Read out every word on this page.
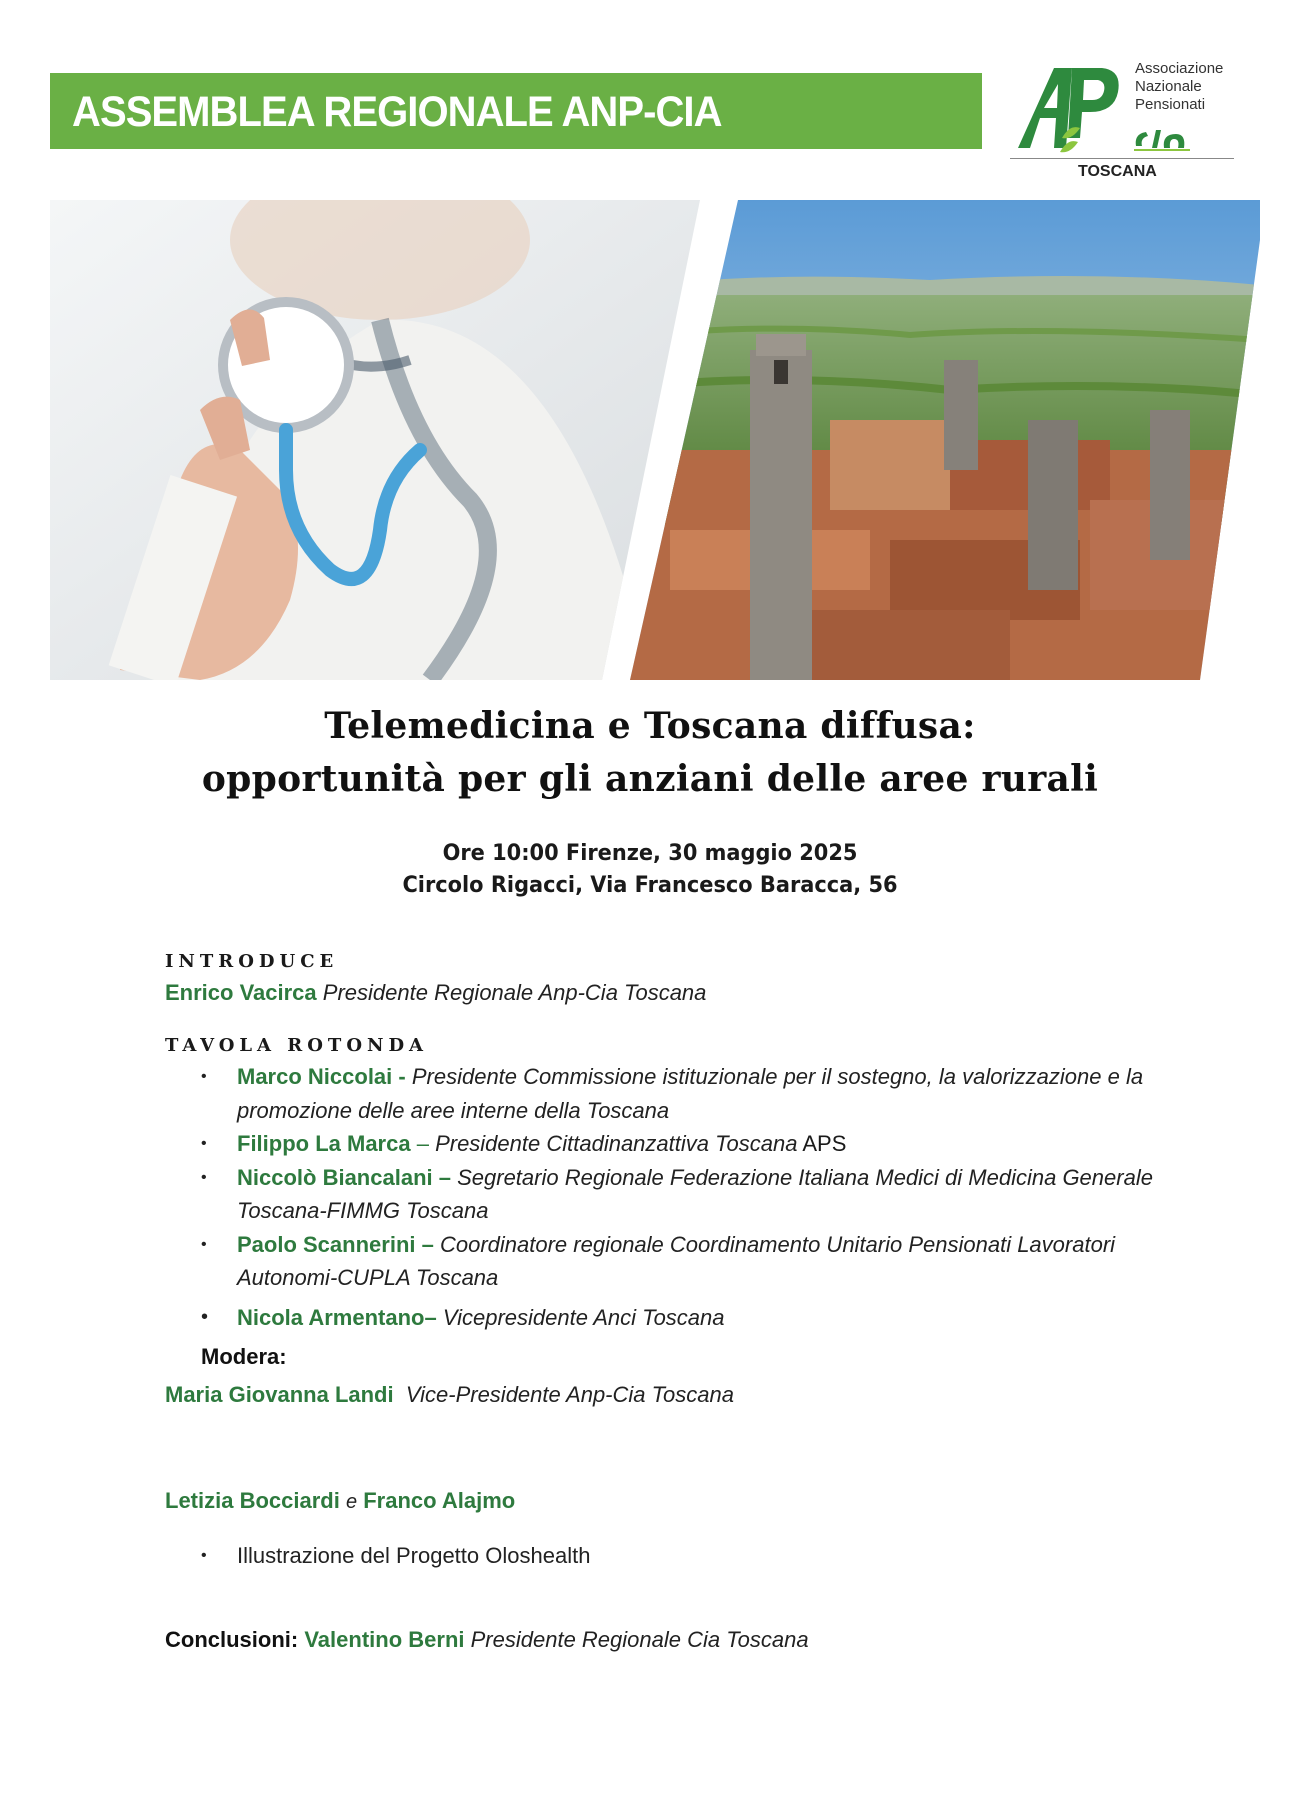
ASSEMBLEA REGIONALE ANP-CIA
Associazione
Nazionale
Pensionati
TOSCANA
Telemedicina e Toscana diffusa:
opportunità per gli anziani delle aree rurali
Ore 10:00 Firenze, 30 maggio 2025
Circolo Rigacci, Via Francesco Baracca, 56
INTRODUCE
Enrico Vacirca Presidente Regionale Anp-Cia Toscana
TAVOLA ROTONDA
• Marco Niccolai - Presidente Commissione istituzionale per il sostegno, la valorizzazione e la
promozione delle aree interne della Toscana
• Filippo La Marca – Presidente Cittadinanzattiva Toscana APS
• Niccolò Biancalani – Segretario Regionale Federazione Italiana Medici di Medicina Generale
Toscana-FIMMG Toscana
• Paolo Scannerini – Coordinatore regionale Coordinamento Unitario Pensionati Lavoratori
Autonomi-CUPLA Toscana
• Nicola Armentano– Vicepresidente Anci Toscana
Modera:
Maria Giovanna Landi Vice-Presidente Anp-Cia Toscana
Letizia Bocciardi e Franco Alajmo
• Illustrazione del Progetto Oloshealth
Conclusioni: Valentino Berni Presidente Regionale Cia Toscana
